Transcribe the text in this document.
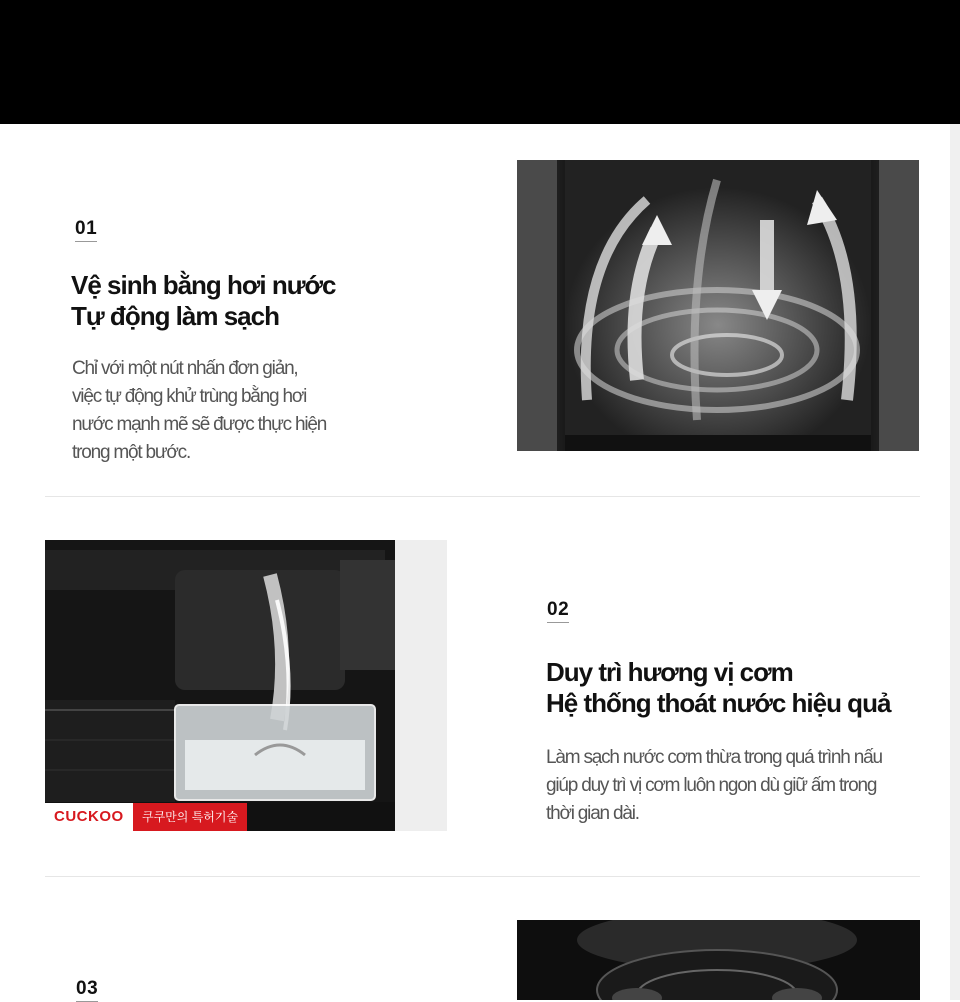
01
Vệ sinh bằng hơi nước
Tự động làm sạch
Chỉ với một nút nhấn đơn giản,
việc tự động khử trùng bằng hơi
nước mạnh mẽ sẽ được thực hiện
trong một bước.
CUCKOO	쿠쿠만의 특허기술
02
Duy trì hương vị cơm
Hệ thống thoát nước hiệu quả
Làm sạch nước cơm thừa trong quá trình nấu
giúp duy trì vị cơm luôn ngon dù giữ ấm trong
thời gian dài.
03
